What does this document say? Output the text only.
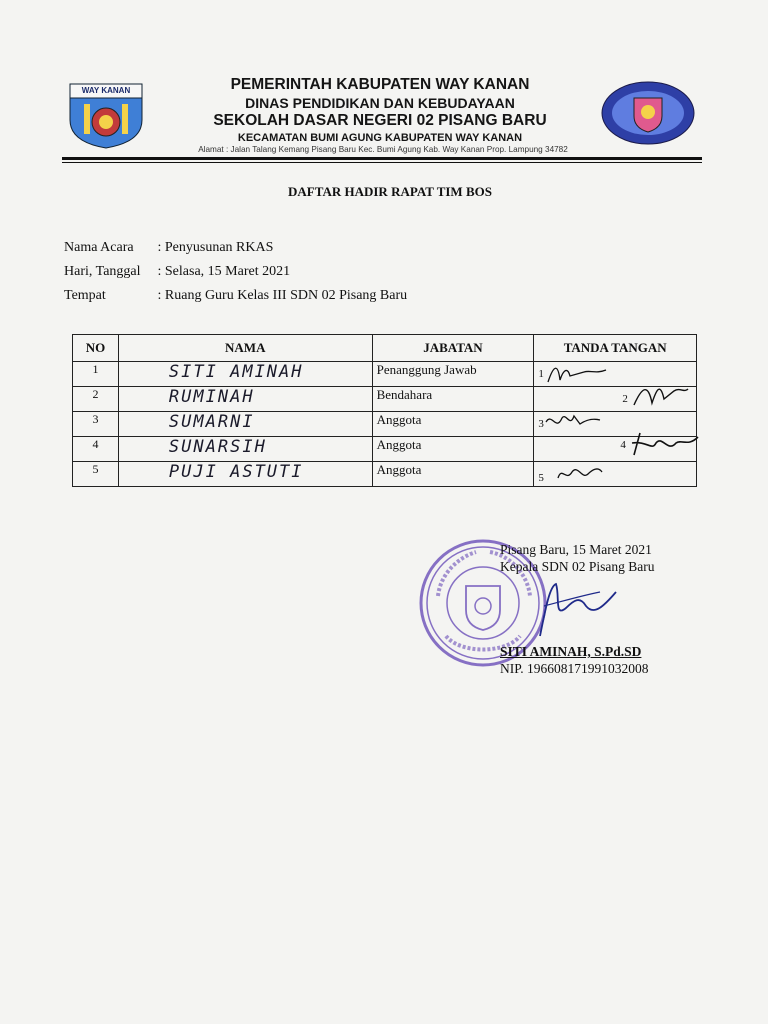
WAY KANAN	PEMERINTAH KABUPATEN WAY KANAN
DINAS PENDIDIKAN DAN KEBUDAYAAN
SEKOLAH DASAR NEGERI 02 PISANG BARU
KECAMATAN BUMI AGUNG KABUPATEN WAY KANAN
Alamat : Jalan Talang Kemang Pisang Baru Kec. Bumi Agung Kab. Way Kanan Prop. Lampung 34782
DAFTAR HADIR RAPAT TIM BOS
Nama Acara : Penyusunan RKAS
Hari, Tanggal : Selasa, 15 Maret 2021
Tempat	: Ruang Guru Kelas III SDN 02 Pisang Baru
NO	NAMA	JABATAN	TANDA TANGAN
1	SITI AMINAH	Penanggung Jawab	1

2	RUMINAH	Bendahara	2

3	SUMARNI	Anggota	3

4	SUNARSIH	Anggota	4

5	PUJI ASTUTI	Anggota	5
Pisang Baru, 15 Maret 2021
Kepala SDN 02 Pisang Baru
SITI AMINAH, S.Pd.SD
NIP. 196608171991032008
